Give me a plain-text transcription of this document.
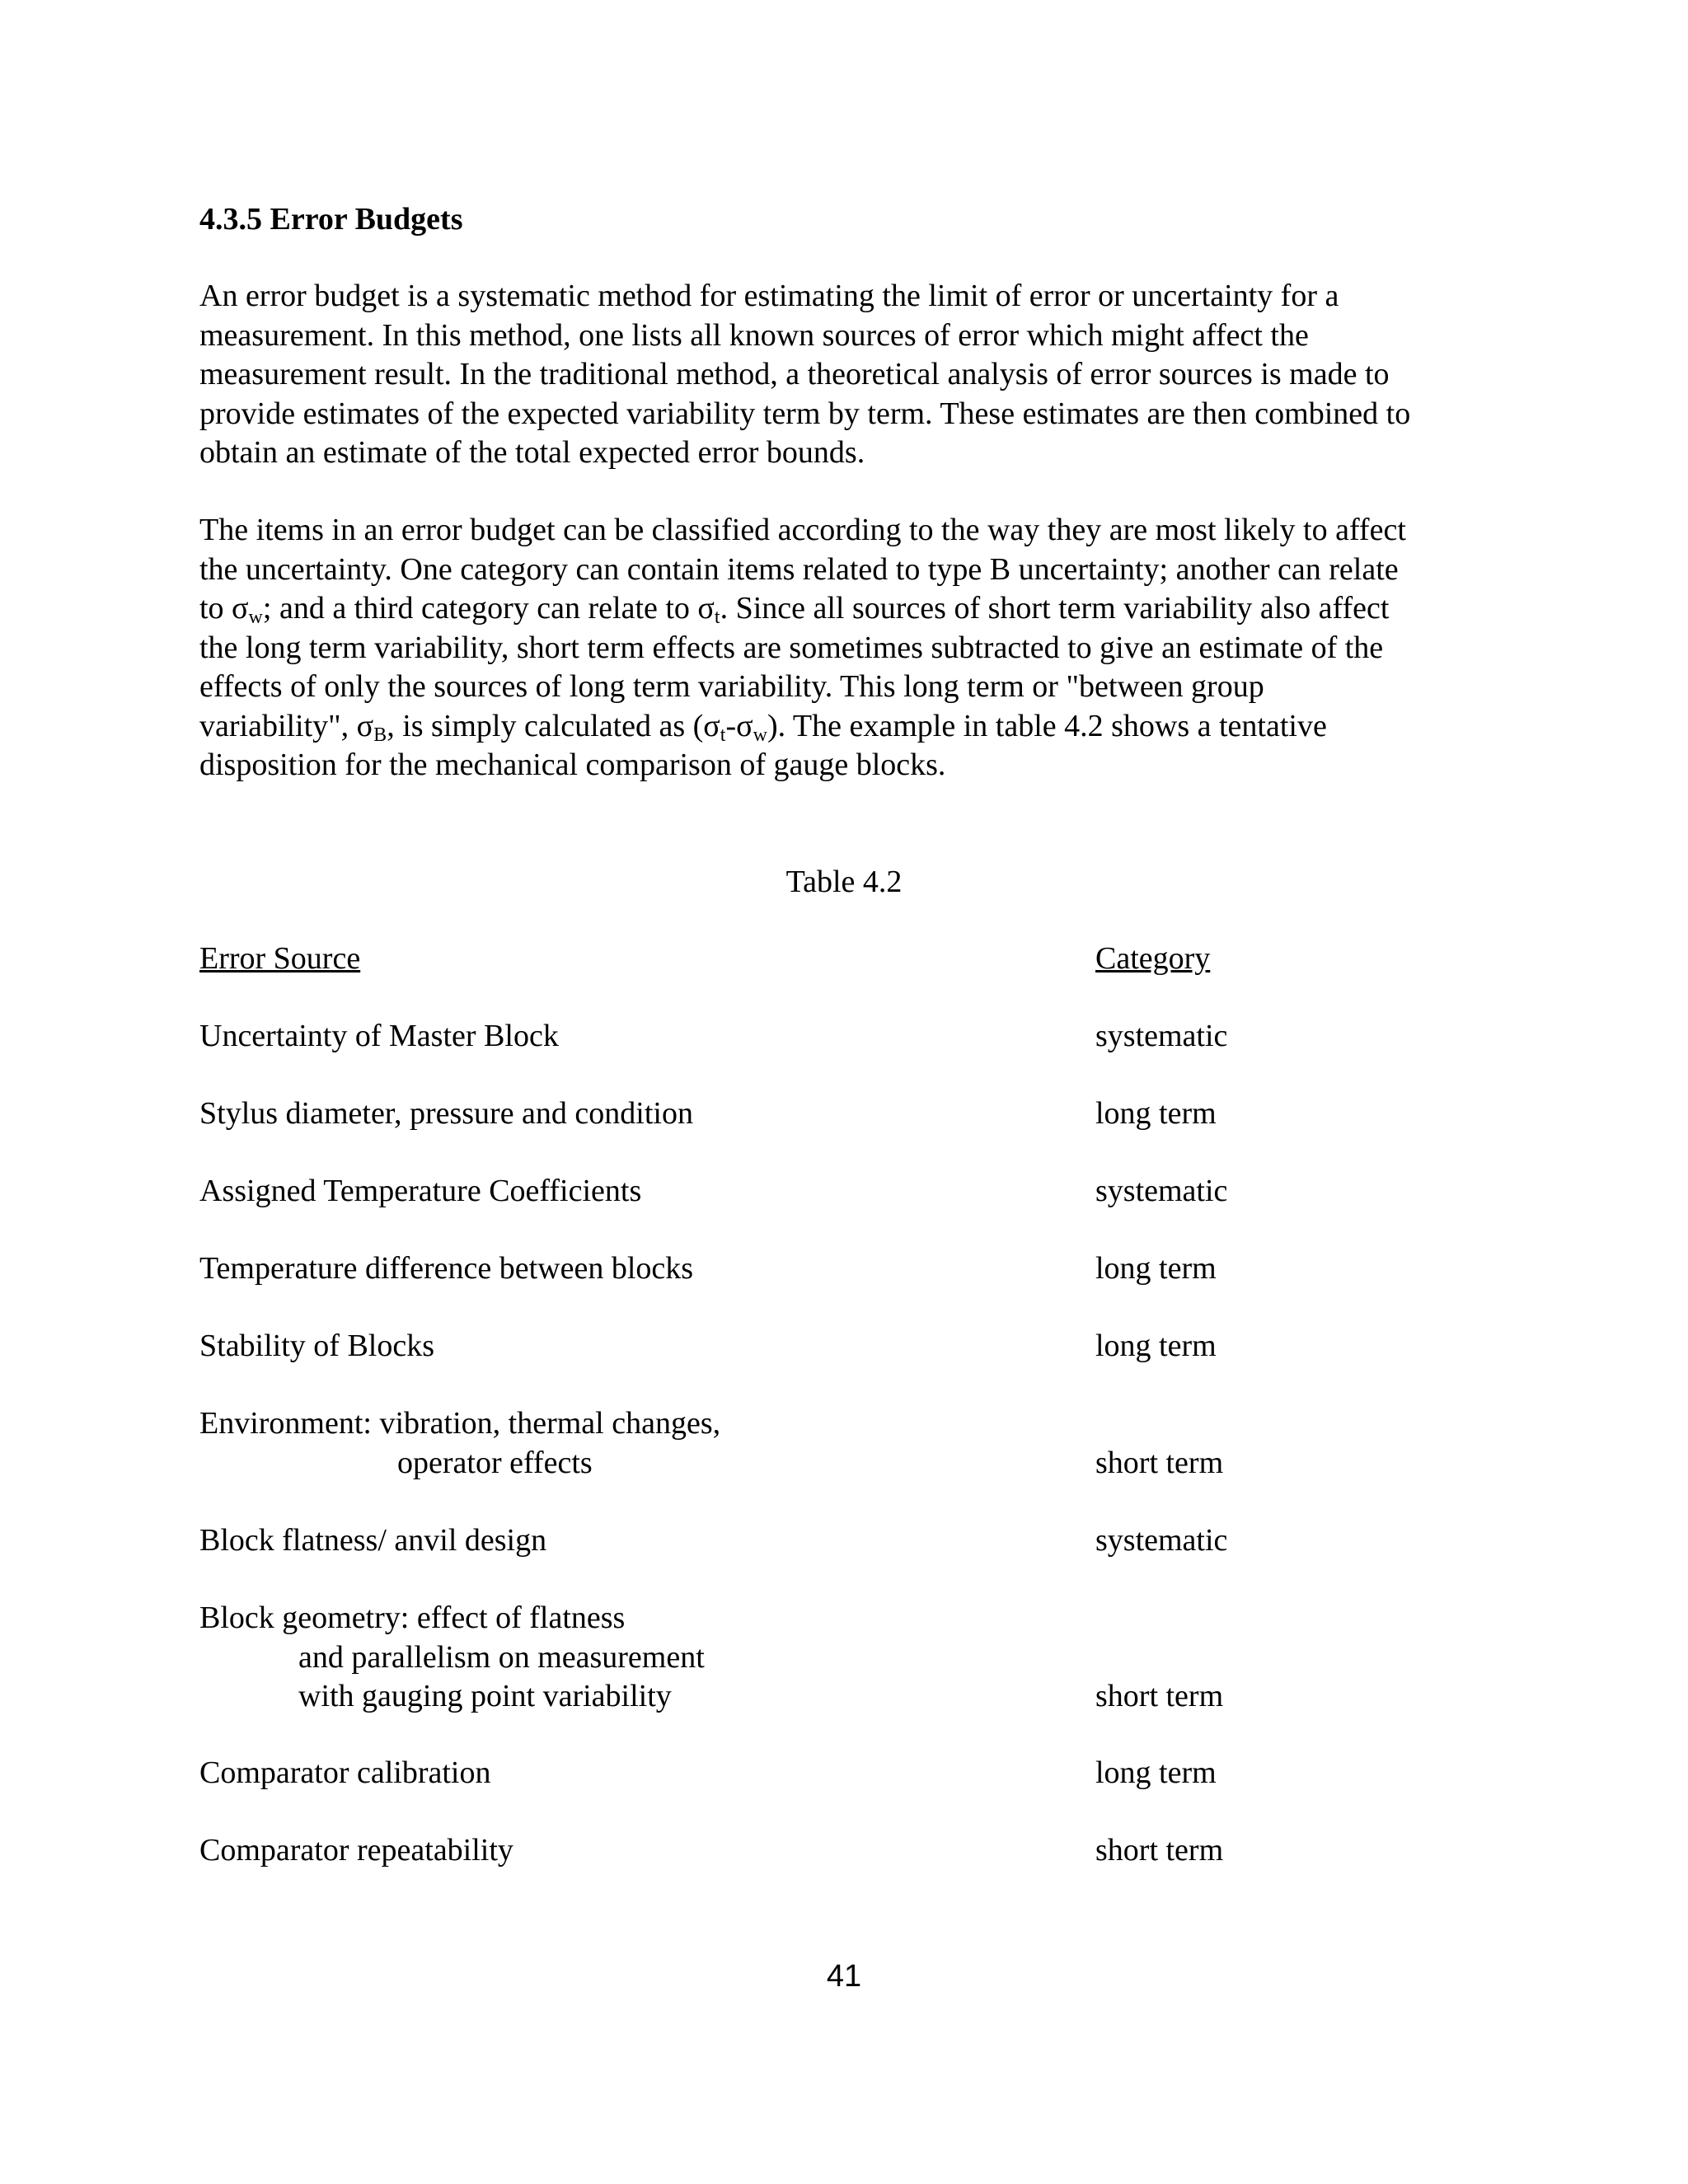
4.3.5 Error Budgets

An error budget is a systematic method for estimating the limit of error or uncertainty for a
measurement. In this method, one lists all known sources of error which might affect the
measurement result. In the traditional method, a theoretical analysis of error sources is made to
provide estimates of the expected variability term by term. These estimates are then combined to
obtain an estimate of the total expected error bounds.

The items in an error budget can be classified according to the way they are most likely to affect
the uncertainty. One category can contain items related to type B uncertainty; another can relate
to $\sigma_w$; and a third category can relate to $\sigma_t$. Since all sources of short term variability also affect
the long term variability, short term effects are sometimes subtracted to give an estimate of the
effects of only the sources of long term variability. This long term or "between group
variability", $\sigma_B$, is simply calculated as $(\sigma_t-\sigma_w)$. The example in table 4.2 shows a tentative
disposition for the mechanical comparison of gauge blocks.

Table 4.2
Error Source	Category
Uncertainty of Master Block	systematic
Stylus diameter, pressure and condition	long term
Assigned Temperature Coefficients	systematic
Temperature difference between blocks	long term
Stability of Blocks	long term
Environment: vibration, thermal changes,
operator effects	short term
Block flatness/ anvil design	systematic
Block geometry: effect of flatness
and parallelism on measurement
with gauging point variability	short term
Comparator calibration	long term
Comparator repeatability	short term
41
